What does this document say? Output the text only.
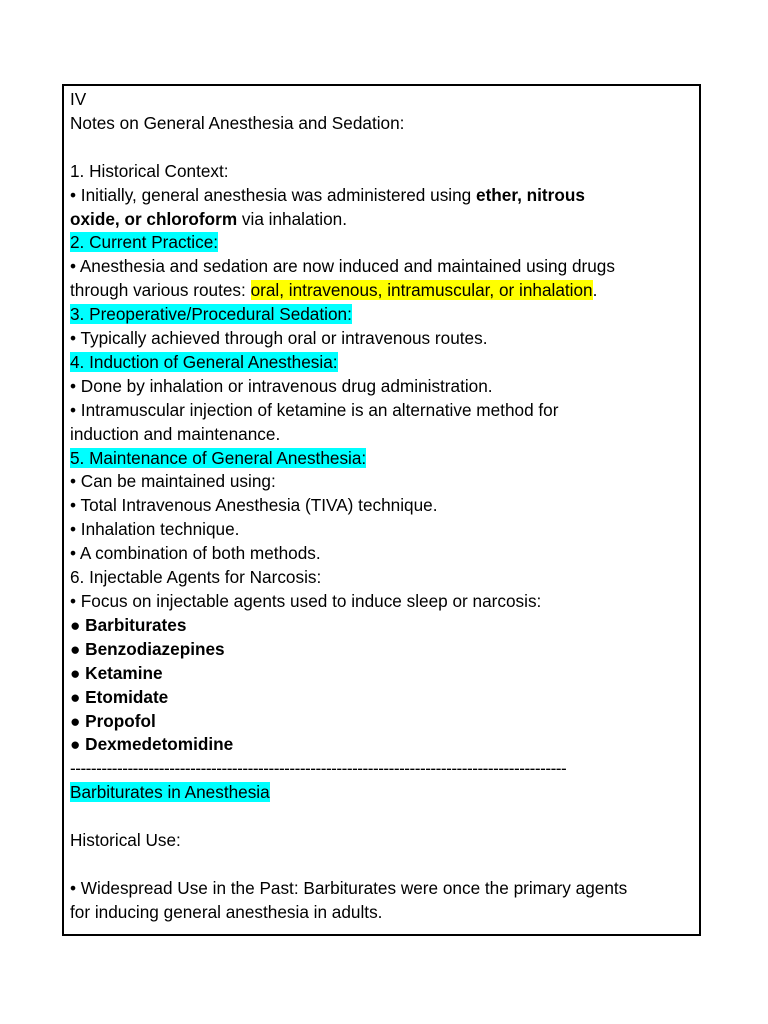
IV
Notes on General Anesthesia and Sedation:
1. Historical Context:
• Initially, general anesthesia was administered using ether, nitrous
oxide, or chloroform via inhalation.
2. Current Practice:
• Anesthesia and sedation are now induced and maintained using drugs
through various routes: oral, intravenous, intramuscular, or inhalation.
3. Preoperative/Procedural Sedation:
• Typically achieved through oral or intravenous routes.
4. Induction of General Anesthesia:
• Done by inhalation or intravenous drug administration.
• Intramuscular injection of ketamine is an alternative method for
induction and maintenance.
5. Maintenance of General Anesthesia:
• Can be maintained using:
• Total Intravenous Anesthesia (TIVA) technique.
• Inhalation technique.
• A combination of both methods.
6. Injectable Agents for Narcosis:
• Focus on injectable agents used to induce sleep or narcosis:
● Barbiturates
● Benzodiazepines
● Ketamine
● Etomidate
● Propofol
● Dexmedetomidine
-----------------------------------------------------------------------------------------------
Barbiturates in Anesthesia
Historical Use:
• Widespread Use in the Past: Barbiturates were once the primary agents
for inducing general anesthesia in adults.
